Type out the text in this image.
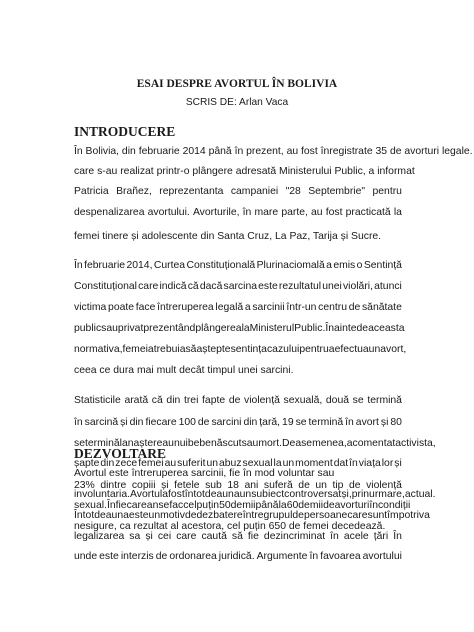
ESAI DESPRE AVORTUL ÎN BOLIVIA
SCRIS DE: Arlan Vaca
INTRODUCERE
În Bolivia, din februarie 2014 până în prezent, au fost înregistrate 35 de avorturi legale.
care s-au realizat printr-o plângere adresată Ministerului Public, a informat
Patricia Brañez, reprezentanta campaniei "28 Septembrie" pentru
despenalizarea avortului. Avorturile, în mare parte, au fost practicată la
femei tinere și adolescente din Santa Cruz, La Paz, Tarija și Sucre.
În februarie 2014, Curtea Constituțională Plurinaciomală a emis o Sentință
Constituțional care indică că dacă sarcina este rezultatul unei violări, atunci
victima poate face întreruperea legală a sarcinii într-un centru de sănătate
public sau privat prezentând plângerea la Ministerul Public. Înainte de aceasta
normativa, femeia trebuia să aștepte sentința cazului pentru a efectua un avort,
ceea ce dura mai mult decât timpul unei sarcini.
Statisticile arată că din trei fapte de violență sexuală, două se termină
în sarcină și din fiecare 100 de sarcini din țară, 19 se termină în avort și 80
se termină la nașterea unui bebe născut sau mort. De asemenea, a comentat activista,
șapte din zece femei au suferit un abuz sexual la un moment dat în viața lor și
23% dintre copiii și fetele sub 18 ani suferă de un tip de violență
sexual. În fiecare an se fac cel puțin 50 de mii până la 60 de mii de avorturi în condiții
nesigure, ca rezultat al acestora, cel puțin 650 de femei decedează.
DEZVOLTARE
Avortul este întreruperea sarcinii, fie în mod voluntar sau
involuntaria. Avortul a fost întotdeauna un subiect controversat și, prin urmare, actual.
Întotdeauna este un motiv de dezbatere între grupul de persoane care sunt împotriva
legalizarea sa și cei care caută să fie dezincriminat în acele țări În
unde este interzis de ordonarea juridică. Argumente în favoarea avortului
